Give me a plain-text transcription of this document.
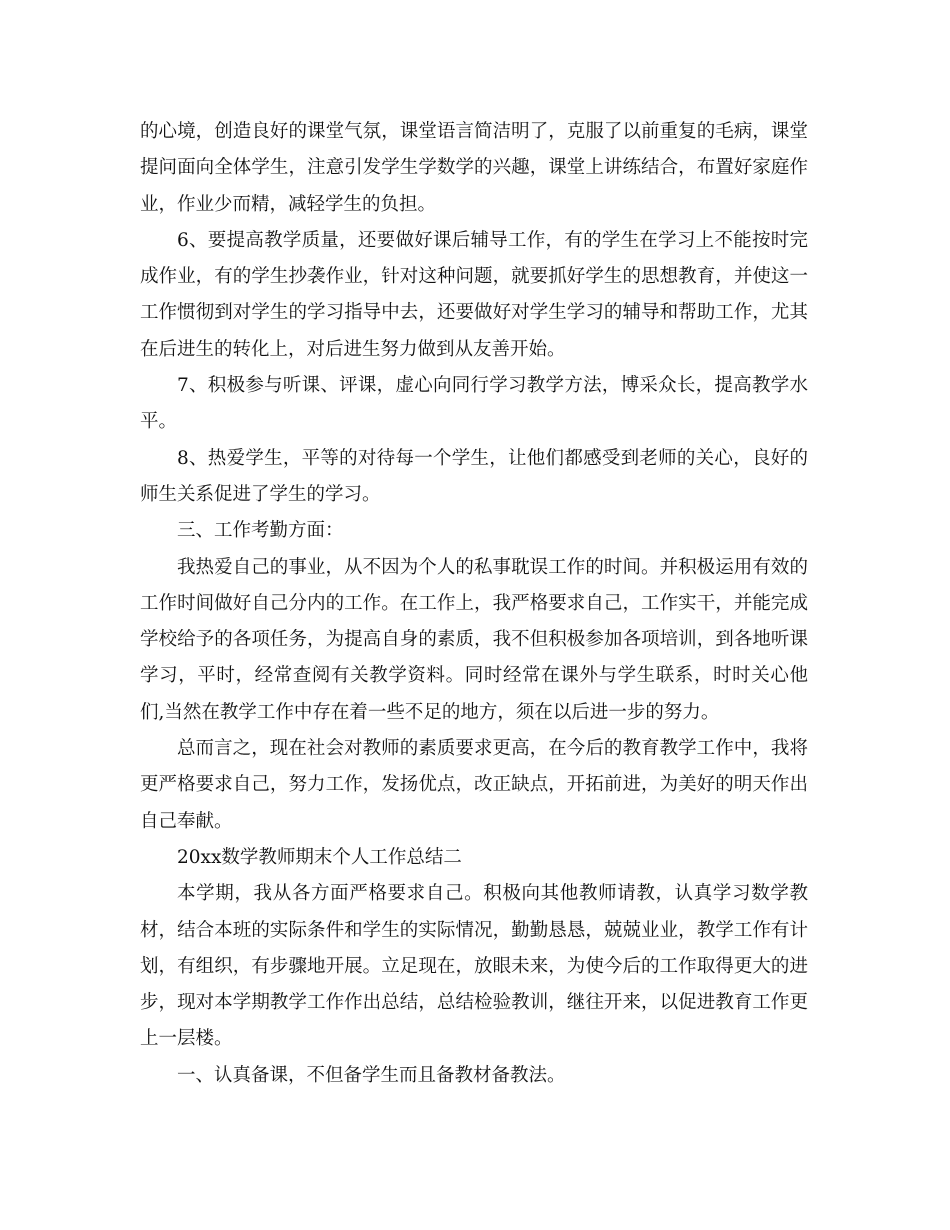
的心境，创造良好的课堂气氛，课堂语言简洁明了，克服了以前重复的毛病，课堂提问面向全体学生，注意引发学生学数学的兴趣，课堂上讲练结合，布置好家庭作业，作业少而精，减轻学生的负担。

6、要提高教学质量，还要做好课后辅导工作，有的学生在学习上不能按时完成作业，有的学生抄袭作业，针对这种问题，就要抓好学生的思想教育，并使这一工作惯彻到对学生的学习指导中去，还要做好对学生学习的辅导和帮助工作，尤其在后进生的转化上，对后进生努力做到从友善开始。

7、积极参与听课、评课，虚心向同行学习教学方法，博采众长，提高教学水平。

8、热爱学生，平等的对待每一个学生，让他们都感受到老师的关心，良好的师生关系促进了学生的学习。

三、工作考勤方面：

我热爱自己的事业，从不因为个人的私事耽误工作的时间。并积极运用有效的工作时间做好自己分内的工作。在工作上，我严格要求自己，工作实干，并能完成学校给予的各项任务，为提高自身的素质，我不但积极参加各项培训，到各地听课学习，平时，经常查阅有关教学资料。同时经常在课外与学生联系，时时关心他们,当然在教学工作中存在着一些不足的地方，须在以后进一步的努力。

总而言之，现在社会对教师的素质要求更高，在今后的教育教学工作中，我将更严格要求自己，努力工作，发扬优点，改正缺点，开拓前进，为美好的明天作出自己奉献。

20xx数学教师期末个人工作总结二

本学期，我从各方面严格要求自己。积极向其他教师请教，认真学习数学教材，结合本班的实际条件和学生的实际情况，勤勤恳恳，兢兢业业，教学工作有计划，有组织，有步骤地开展。立足现在，放眼未来，为使今后的工作取得更大的进步，现对本学期教学工作作出总结，总结检验教训，继往开来，以促进教育工作更上一层楼。

一、认真备课，不但备学生而且备教材备教法。
